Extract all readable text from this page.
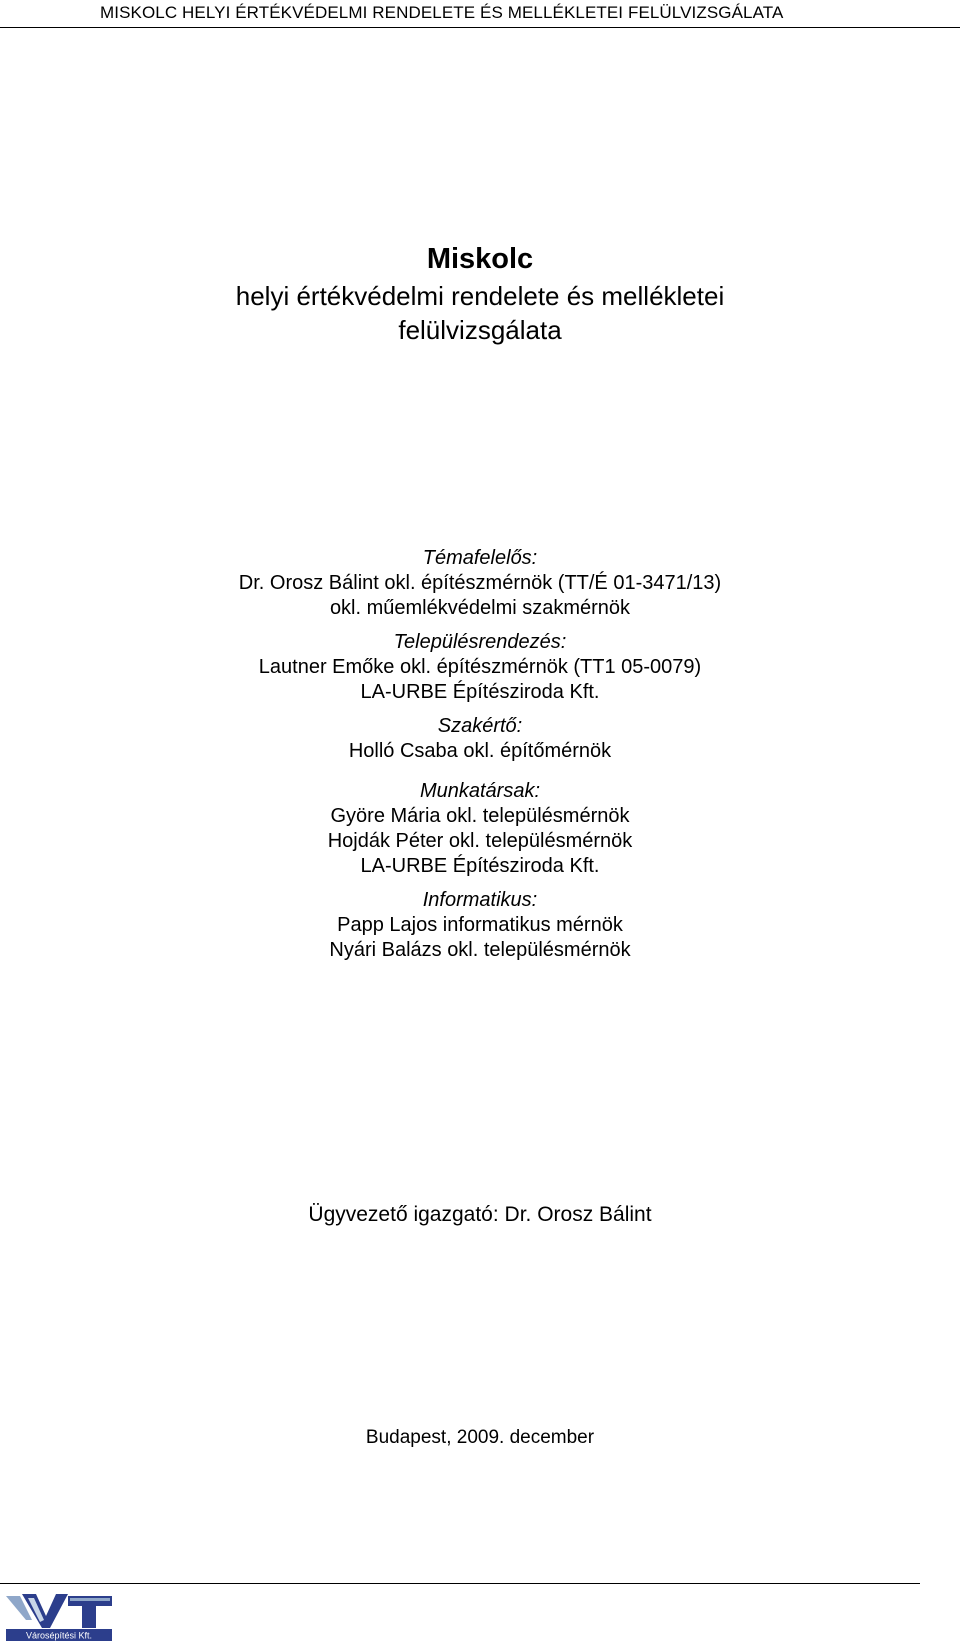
MISKOLC HELYI ÉRTÉKVÉDELMI RENDELETE ÉS MELLÉKLETEI FELÜLVIZSGÁLATA
Miskolc
helyi értékvédelmi rendelete és mellékletei
felülvizsgálata
Témafelelős:
Dr. Orosz Bálint okl. építészmérnök (TT/É 01-3471/13)
okl. műemlékvédelmi szakmérnök
Településrendezés:
Lautner Emőke okl. építészmérnök (TT1 05-0079)
LA-URBE Építésziroda Kft.
Szakértő:
Holló Csaba okl. építőmérnök
Munkatársak:
Györe Mária okl. településmérnök
Hojdák Péter okl. településmérnök
LA-URBE Építésziroda Kft.
Informatikus:
Papp Lajos informatikus mérnök
Nyári Balázs okl. településmérnök
Ügyvezető igazgató: Dr. Orosz Bálint
Budapest, 2009. december
Városépítési Kft.
